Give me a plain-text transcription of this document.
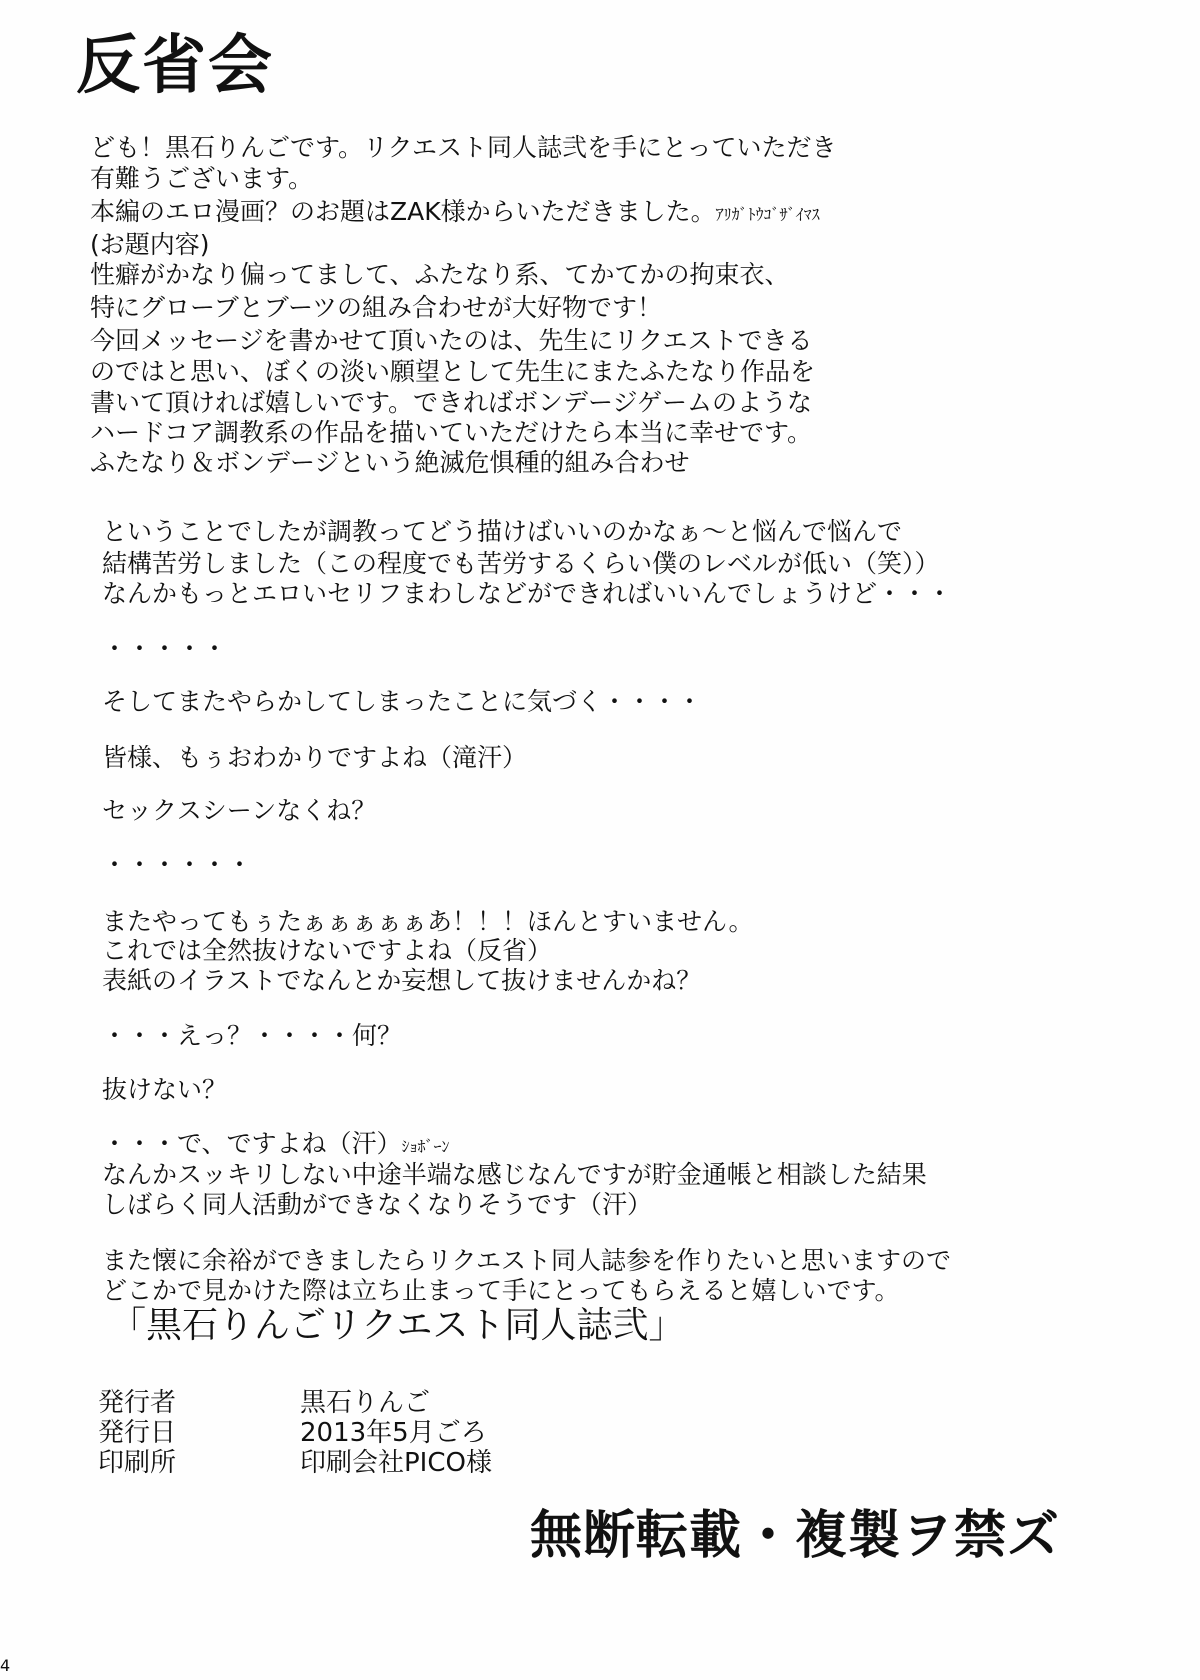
反省会
ども！黒石りんごです。リクエスト同人誌弐を手にとっていただき
有難うございます。
本編のエロ漫画？のお題はZAK様からいただきました。ｱﾘｶﾞﾄｳｺﾞｻﾞｲﾏｽ
(お題内容)
性癖がかなり偏ってまして、ふたなり系、てかてかの拘束衣、
特にグローブとブーツの組み合わせが大好物です！
今回メッセージを書かせて頂いたのは、先生にリクエストできる
のではと思い、ぼくの淡い願望として先生にまたふたなり作品を
書いて頂ければ嬉しいです。できればボンデージゲームのような
ハードコア調教系の作品を描いていただけたら本当に幸せです。
ふたなり＆ボンデージという絶滅危惧種的組み合わせ
ということでしたが調教ってどう描けばいいのかなぁ～と悩んで悩んで
結構苦労しました（この程度でも苦労するくらい僕のレベルが低い（笑））
なんかもっとエロいセリフまわしなどができればいいんでしょうけど・・・
・・・・・
そしてまたやらかしてしまったことに気づく・・・・
皆様、もぅおわかりですよね（滝汗）
セックスシーンなくね？
・・・・・・
またやってもぅたぁぁぁぁぁあ！！！ほんとすいません。
これでは全然抜けないですよね（反省）
表紙のイラストでなんとか妄想して抜けませんかね？
・・・えっ？・・・・何？
抜けない？
・・・で、ですよね（汗）ｼｮﾎﾞｰﾝ
なんかスッキリしない中途半端な感じなんですが貯金通帳と相談した結果
しばらく同人活動ができなくなりそうです（汗）
また懐に余裕ができましたらリクエスト同人誌参を作りたいと思いますので
どこかで見かけた際は立ち止まって手にとってもらえると嬉しいです。
「黒石りんごリクエスト同人誌弐」
発行者	黒石りんご
発行日	2013年5月ごろ
印刷所	印刷会社PICO様
無断転載・複製ヲ禁ズ
4
